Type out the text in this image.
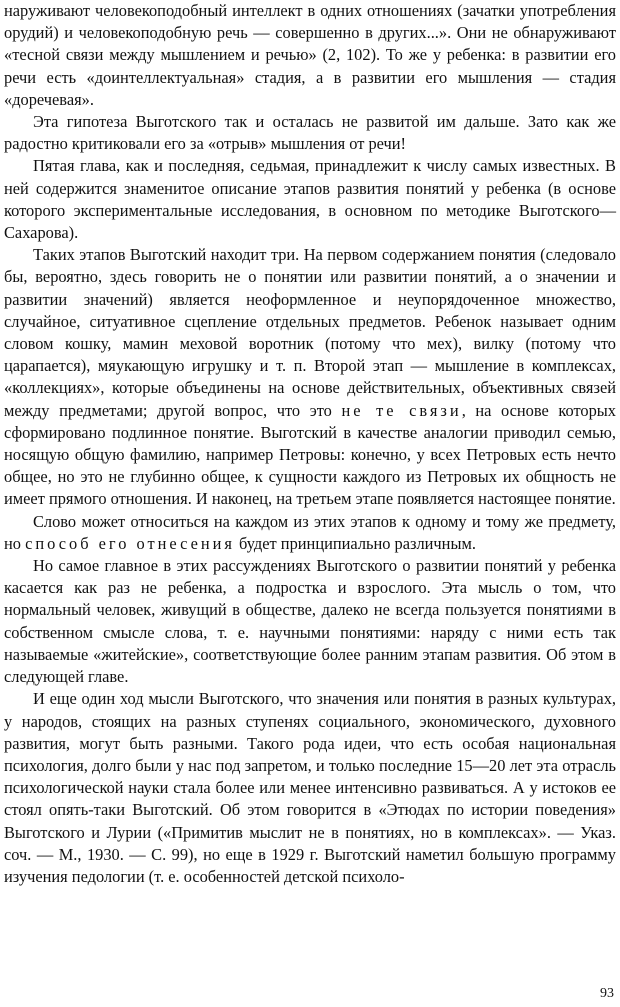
наруживают человекоподобный интеллект в одних отношениях (зачатки употребления орудий) и человекоподобную речь — совершенно в других...». Они не обнаруживают «тесной связи между мышлением и речью» (2, 102). То же у ребенка: в развитии его речи есть «доинтеллектуальная» стадия, а в развитии его мышления — стадия «доречевая».

Эта гипотеза Выготского так и осталась не развитой им дальше. Зато как же радостно критиковали его за «отрыв» мышления от речи!

Пятая глава, как и последняя, седьмая, принадлежит к числу самых известных. В ней содержится знаменитое описание этапов развития понятий у ребенка (в основе которого экспериментальные исследования, в основном по методике Выготского—Сахарова).

Таких этапов Выготский находит три. На первом содержанием понятия (следовало бы, вероятно, здесь говорить не о понятии или развитии понятий, а о значении и развитии значений) является неоформленное и неупорядоченное множество, случайное, ситуативное сцепление отдельных предметов. Ребенок называет одним словом кошку, мамин меховой воротник (потому что мех), вилку (потому что царапается), мяукающую игрушку и т. п. Второй этап — мышление в комплексах, «коллекциях», которые объединены на основе действительных, объективных связей между предметами; другой вопрос, что это не те связи, на основе которых сформировано подлинное понятие. Выготский в качестве аналогии приводил семью, носящую общую фамилию, например Петровы: конечно, у всех Петровых есть нечто общее, но это не глубинно общее, к сущности каждого из Петровых их общность не имеет прямого отношения. И наконец, на третьем этапе появляется настоящее понятие.

Слово может относиться на каждом из этих этапов к одному и тому же предмету, но способ его отнесения будет принципиально различным.

Но самое главное в этих рассуждениях Выготского о развитии понятий у ребенка касается как раз не ребенка, а подростка и взрослого. Эта мысль о том, что нормальный человек, живущий в обществе, далеко не всегда пользуется понятиями в собственном смысле слова, т. е. научными понятиями: наряду с ними есть так называемые «житейские», соответствующие более ранним этапам развития. Об этом в следующей главе.

И еще один ход мысли Выготского, что значения или понятия в разных культурах, у народов, стоящих на разных ступенях социального, экономического, духовного развития, могут быть разными. Такого рода идеи, что есть особая национальная психология, долго были у нас под запретом, и только последние 15—20 лет эта отрасль психологической науки стала более или менее интенсивно развиваться. А у истоков ее стоял опять-таки Выготский. Об этом говорится в «Этюдах по истории поведения» Выготского и Лурии («Примитив мыслит не в понятиях, но в комплексах». — Указ. соч. — М., 1930. — С. 99), но еще в 1929 г. Выготский наметил большую программу изучения педологии (т. е. особенностей детской психоло-

93
